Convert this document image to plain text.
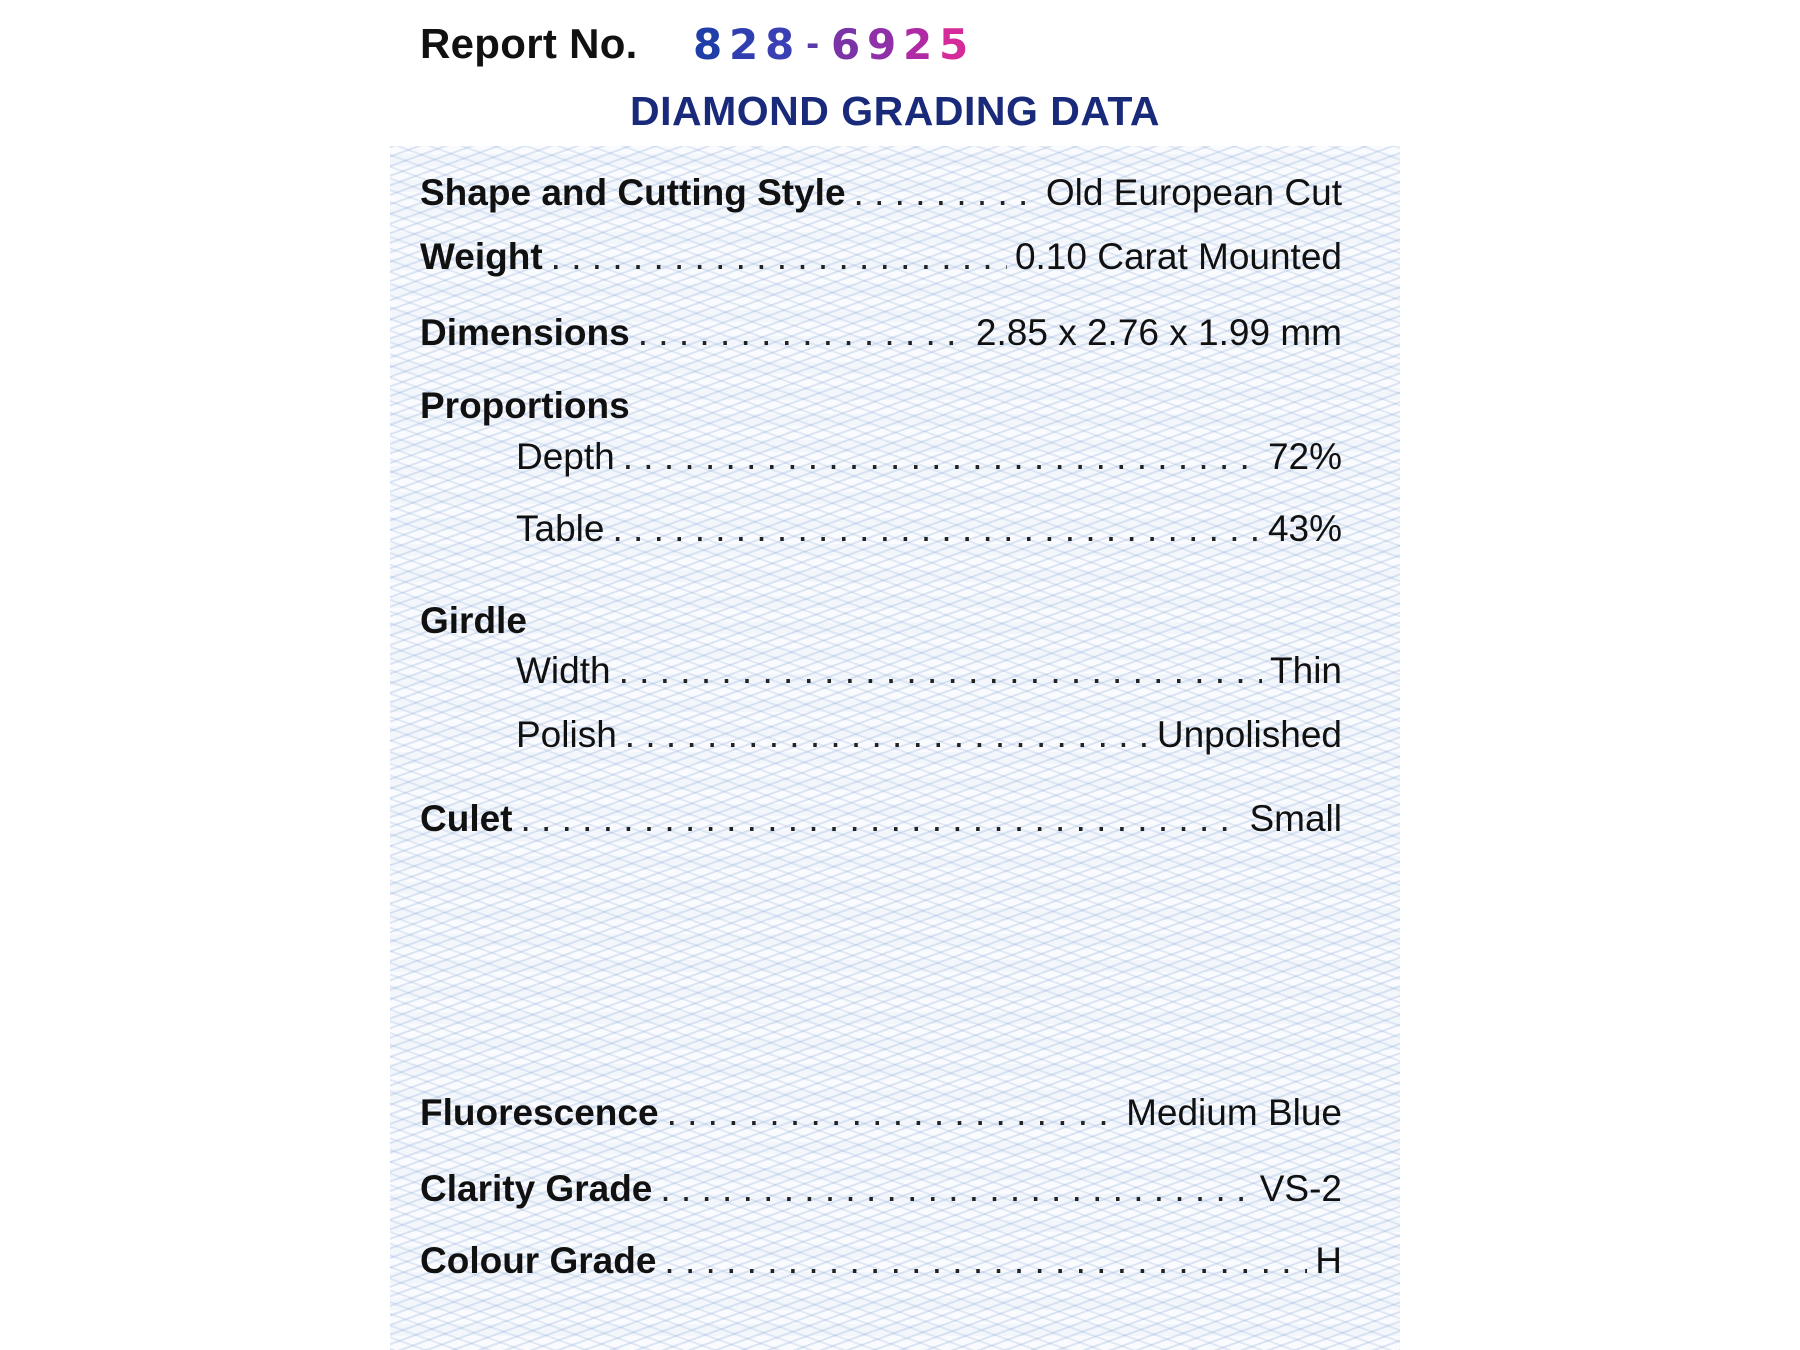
Report No. 8 2 8 - 6 9 2 5
DIAMOND GRADING DATA
Shape and Cutting Style . . .	Old European Cut
Weight . . .	0.10 Carat Mounted
Dimensions . . .	2.85 x 2.76 x 1.99 mm
Proportions
Depth . . .	72%
Table . . .	43%
Girdle
Width . . .	Thin
Polish . . .	Unpolished
Culet . . .	Small
Fluorescence . . .	Medium Blue
Clarity Grade . . .	VS-2
Colour Grade . . .	H
